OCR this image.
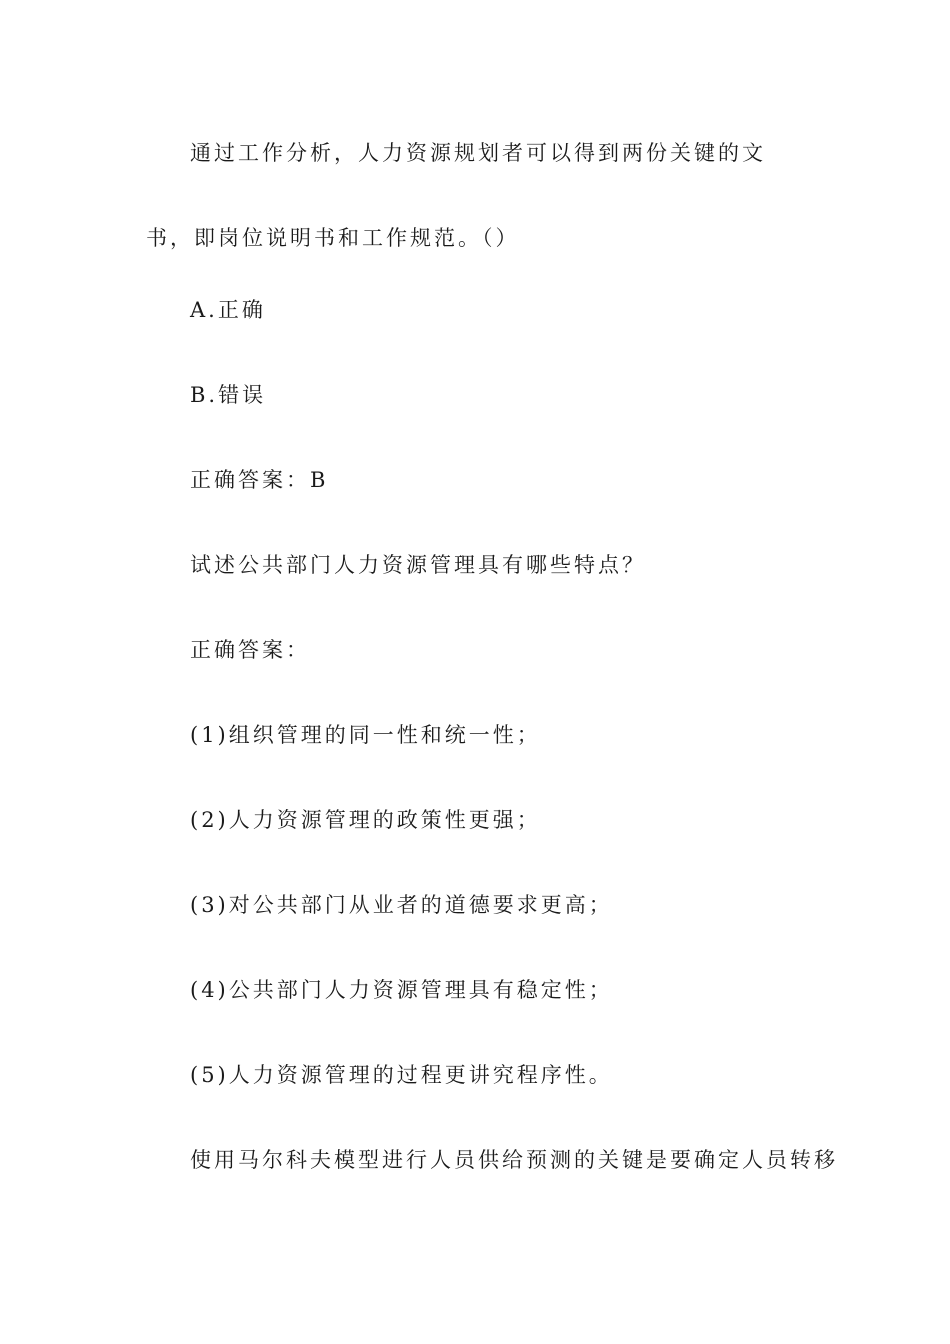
通过工作分析，人力资源规划者可以得到两份关键的文书，即岗位说明书和工作规范。（）

A.正确

B.错误

正确答案：B

试述公共部门人力资源管理具有哪些特点？

正确答案：

(1)组织管理的同一性和统一性；

(2)人力资源管理的政策性更强；

(3)对公共部门从业者的道德要求更高；

(4)公共部门人力资源管理具有稳定性；

(5)人力资源管理的过程更讲究程序性。

使用马尔科夫模型进行人员供给预测的关键是要确定人员转移
